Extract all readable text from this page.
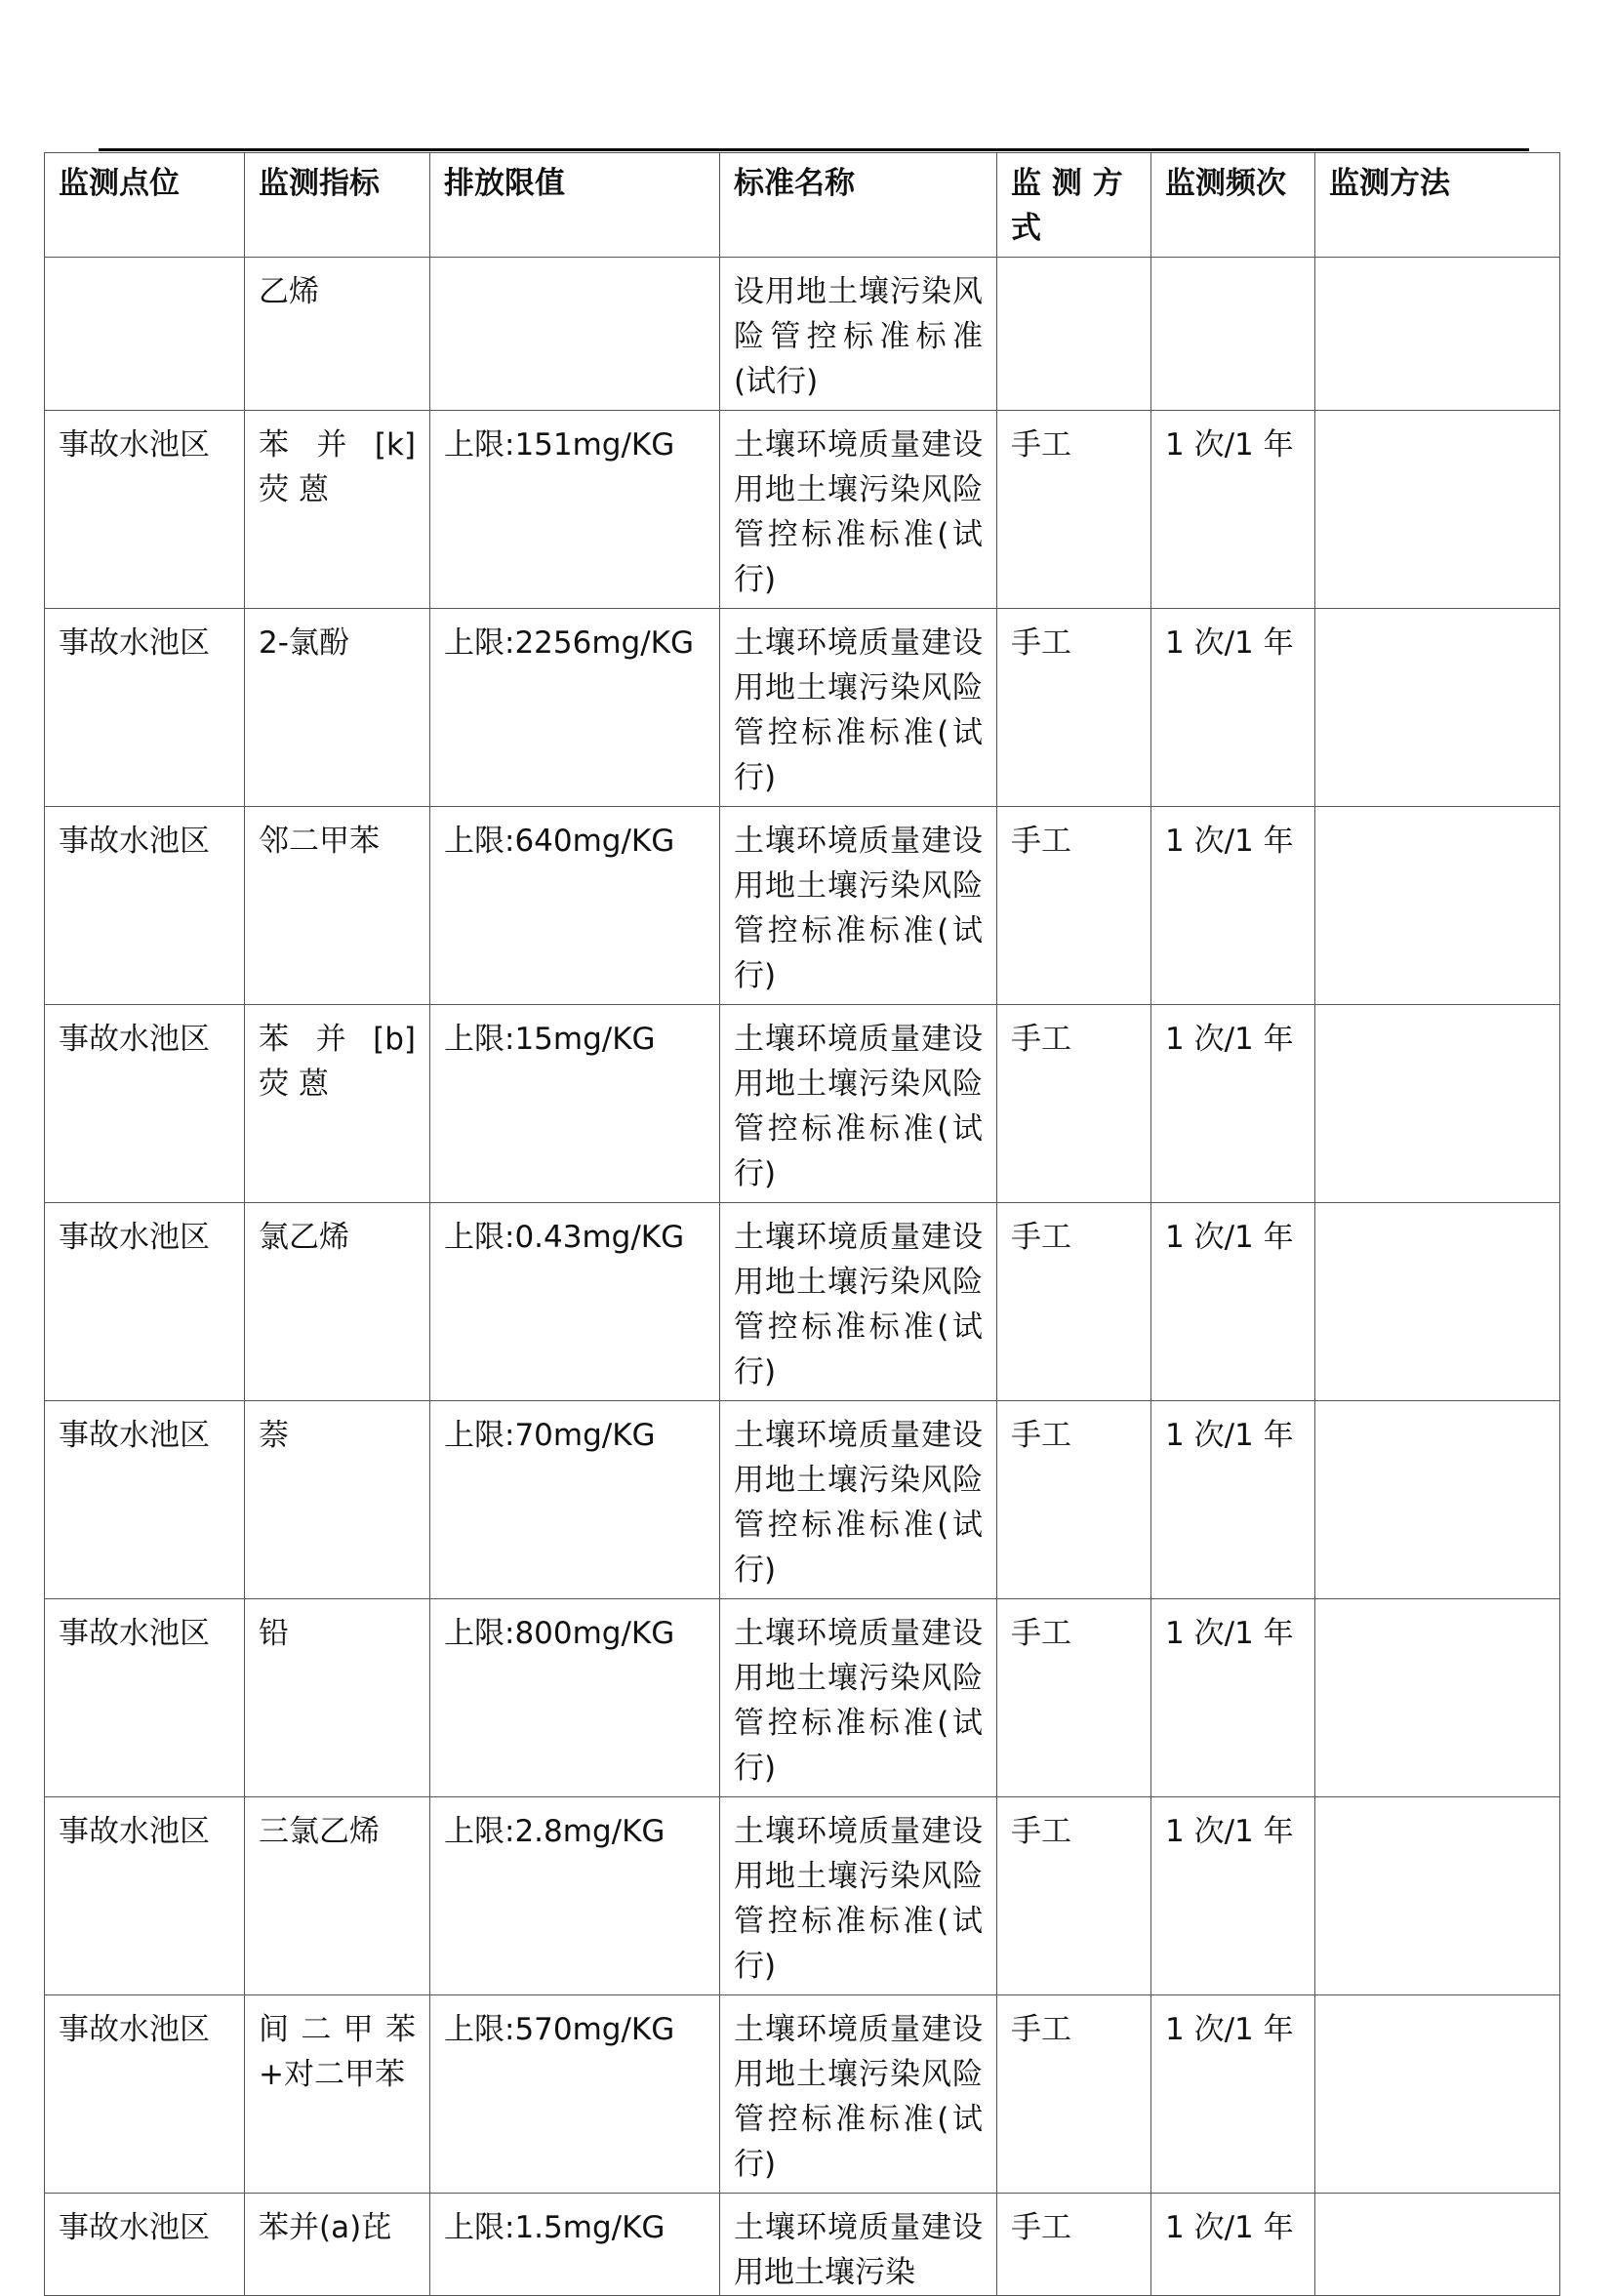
监测点位	监测指标	排放限值	标准名称	监 测 方 式	监测频次	监测方法
	乙烯		设用地土壤污染风险管控标准标准(试行)			
事故水池区	苯 并 [k] 荧 蒽	上限:151mg/KG	土壤环境质量建设用地土壤污染风险管控标准标准(试行)	手工	1 次/1 年	
事故水池区	2-氯酚	上限:2256mg/KG	土壤环境质量建设用地土壤污染风险管控标准标准(试行)	手工	1 次/1 年	
事故水池区	邻二甲苯	上限:640mg/KG	土壤环境质量建设用地土壤污染风险管控标准标准(试行)	手工	1 次/1 年	
事故水池区	苯 并 [b] 荧 蒽	上限:15mg/KG	土壤环境质量建设用地土壤污染风险管控标准标准(试行)	手工	1 次/1 年	
事故水池区	氯乙烯	上限:0.43mg/KG	土壤环境质量建设用地土壤污染风险管控标准标准(试行)	手工	1 次/1 年	
事故水池区	萘	上限:70mg/KG	土壤环境质量建设用地土壤污染风险管控标准标准(试行)	手工	1 次/1 年	
事故水池区	铅	上限:800mg/KG	土壤环境质量建设用地土壤污染风险管控标准标准(试行)	手工	1 次/1 年	
事故水池区	三氯乙烯	上限:2.8mg/KG	土壤环境质量建设用地土壤污染风险管控标准标准(试行)	手工	1 次/1 年	
事故水池区	间二甲苯+对二甲苯	上限:570mg/KG	土壤环境质量建设用地土壤污染风险管控标准标准(试行)	手工	1 次/1 年	
事故水池区	苯并(a)芘	上限:1.5mg/KG	土壤环境质量建设用地土壤污染	手工	1 次/1 年	
